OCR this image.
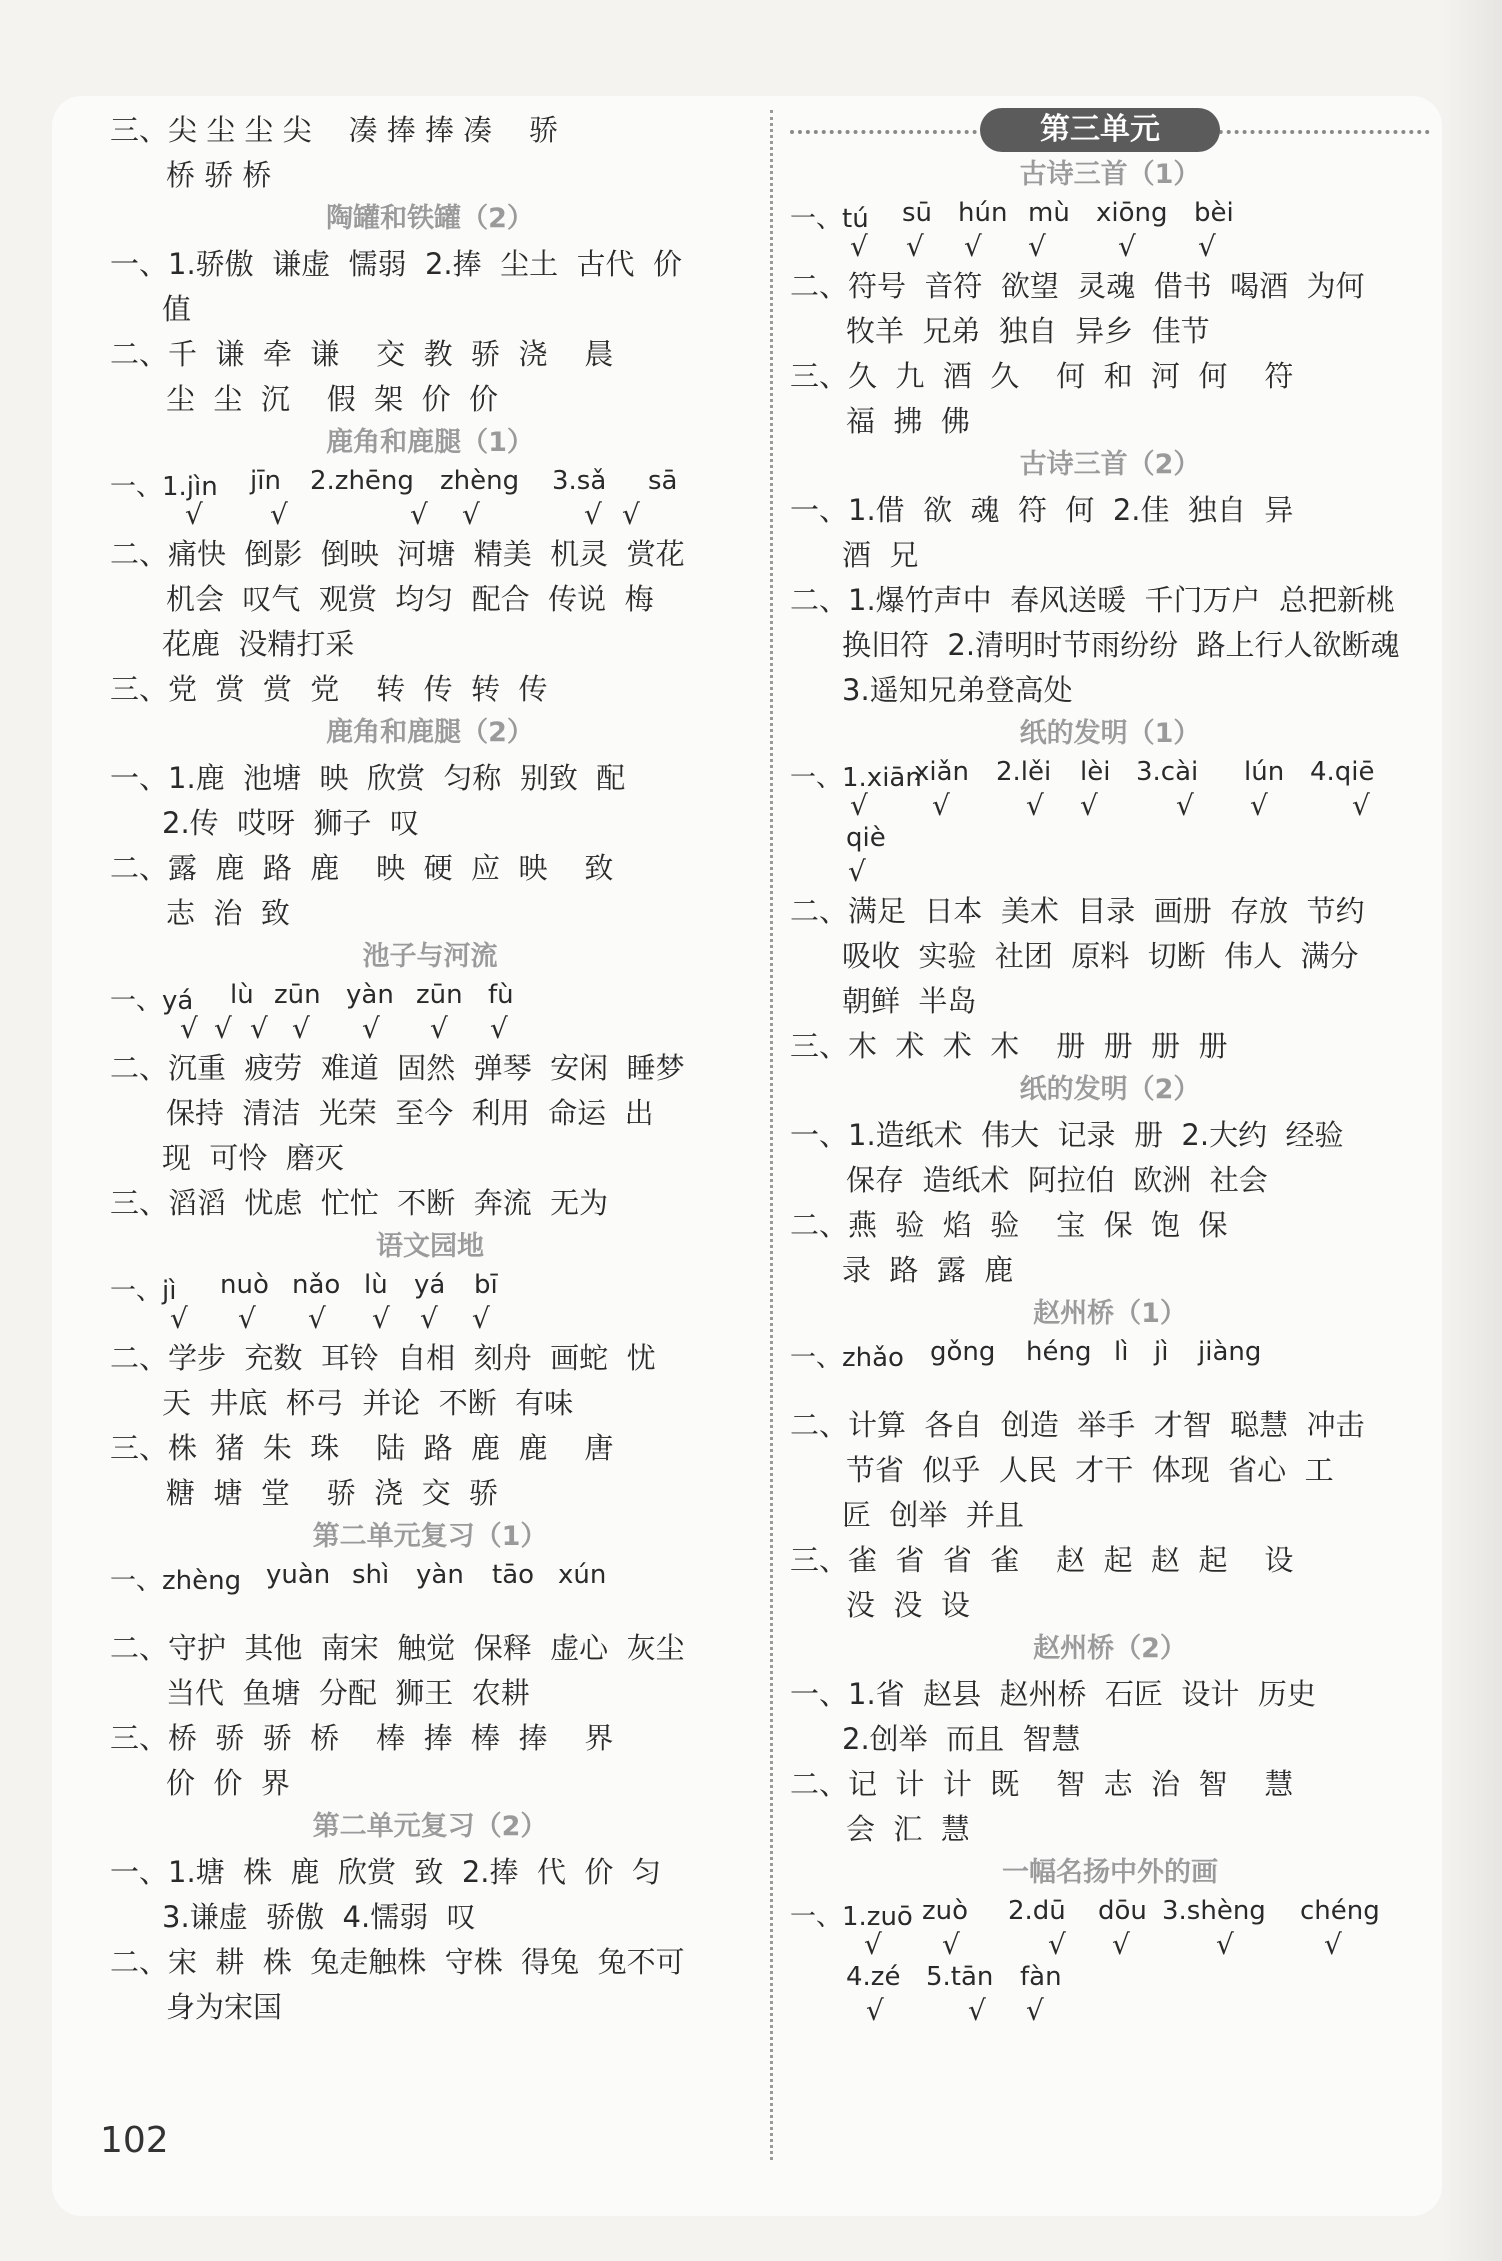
三、尖 尘 尘 尖    凑 捧 捧 凑    骄
桥 骄 桥
陶罐和铁罐（2）
一、1.骄傲  谦虚  懦弱  2.捧  尘土  古代  价
值
二、千  谦  牵  谦    交  教  骄  浇    晨
尘  尘  沉    假  架  价  价
鹿角和鹿腿（1）
一、1.jìn jīn 2.zhēng zhèng 3.sǎ sā
√ √	√ √	√ √
二、痛快  倒影  倒映  河塘  精美  机灵  赏花
机会  叹气  观赏  均匀  配合  传说  梅
花鹿  没精打采
三、党  赏  赏  党    转  传  转  传
鹿角和鹿腿（2）
一、1.鹿  池塘  映  欣赏  匀称  别致  配
2.传  哎呀  狮子  叹
二、露  鹿  路  鹿    映  硬  应  映    致
志  治  致
池子与河流
一、yá lù zūn yàn zūn fù
√ √ √ √ √ √ √
二、沉重  疲劳  难道  固然  弹琴  安闲  睡梦
保持  清洁  光荣  至今  利用  命运  出
现  可怜  磨灭
三、滔滔  忧虑  忙忙  不断  奔流  无为
语文园地
一、jì nuò nǎo lù yá bī
√ √ √ √ √ √
二、学步  充数  耳铃  自相  刻舟  画蛇  忧
天  井底  杯弓  并论  不断  有味
三、株  猪  朱  珠    陆  路  鹿  鹿    唐
糖  塘  堂    骄  浇  交  骄
第二单元复习（1）
一、zhèng yuàn shì yàn tāo xún
二、守护  其他  南宋  触觉  保释  虚心  灰尘
当代  鱼塘  分配  狮王  农耕
三、桥  骄  骄  桥    棒  捧  棒  捧    界
价  价  界
第二单元复习（2）
一、1.塘  株  鹿  欣赏  致  2.捧  代  价  匀
3.谦虚  骄傲  4.懦弱  叹
二、宋  耕  株  兔走触株  守株  得兔  兔不可
身为宋国
第三单元
古诗三首（1）
一、tú sū hún mù xiōng bèi
√ √ √ √	√ √
二、符号  音符  欲望  灵魂  借书  喝酒  为何
牧羊  兄弟  独自  异乡  佳节
三、久  九  酒  久    何  和  河  何    符
福  拂  佛
古诗三首（2）
一、1.借  欲  魂  符  何  2.佳  独自  异
酒  兄
二、1.爆竹声中  春风送暖  千门万户  总把新桃
换旧符  2.清明时节雨纷纷  路上行人欲断魂
3.遥知兄弟登高处
纸的发明（1）
一、1.xiān
xiǎn 2.lěi lèi 3.cài lún 4.qiē
√ √	√ √	√ √	√
qiè
√
二、满足  日本  美术  目录  画册  存放  节约
吸收  实验  社团  原料  切断  伟人  满分
朝鲜  半岛
三、木  术  术  木    册  册  册  册
纸的发明（2）
一、1.造纸术  伟大  记录  册  2.大约  经验
保存  造纸术  阿拉伯  欧洲  社会
二、燕  验  焰  验    宝  保  饱  保
录  路  露  鹿
赵州桥（1）
一、zhǎo gǒng héng lì jì jiàng
二、计算  各自  创造  举手  才智  聪慧  冲击
节省  似乎  人民  才干  体现  省心  工
匠  创举  并且
三、雀  省  省  雀    赵  起  赵  起    设
没  没  设
赵州桥（2）
一、1.省  赵县  赵州桥  石匠  设计  历史
2.创举  而且  智慧
二、记  计  计  既    智  志  治  智    慧
会  汇  慧
一幅名扬中外的画
一、1.zuō zuò 2.dū dōu 3.shèng chéng
√ √	√ √	√	√
4.zé 5.tān fàn
√	√ √
102
